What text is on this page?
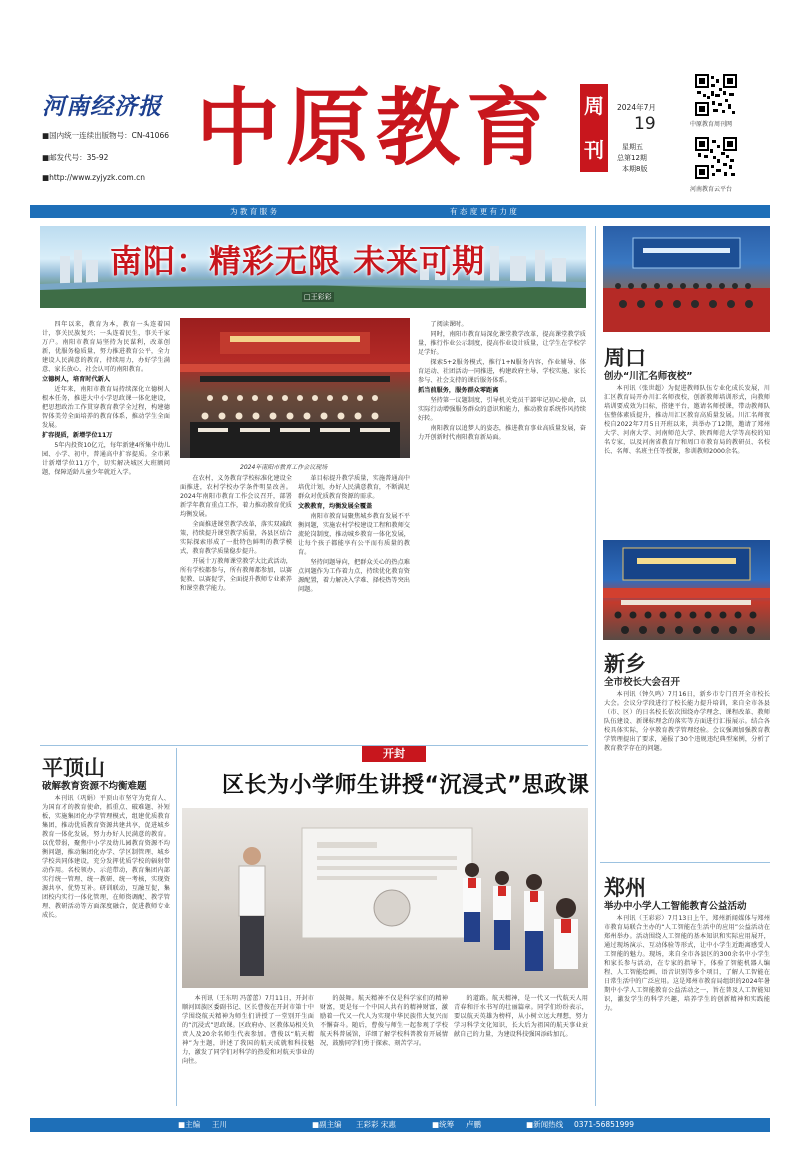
河南经济报
■国内统一连续出版物号：CN-41066
■邮发代号：35-92
■http://www.zyjyzk.com.cn
中原教育 周刊
2024年7月
19
星期五
总第12期
本期8版
中原教育周刊网
河南教育云平台
为 教 育 服 务	有 态 度 更 有 力 度
南阳：精彩无限 未来可期
□王彩彩

四年以来，教育为本，教育一头连着国计，事关民族复兴；一头连着民生，事关千家万户。南阳市教育局坚持为民谋利，改革创新，优服务稳质量，努力推进教育公平，全力建设人民满意的教育，持续用力，办好学生满意、家长放心、社会认可的南阳教育。

立德树人，培育时代新人

近年来，南阳市教育局持续深化立德树人根本任务，推进大中小学思政课一体化建设，把思想政治工作贯穿教育教学全过程，构建德智体美劳全面培养的教育体系，推动学生全面发展。

扩容提质，新增学位11万

5年内投资10亿元，每年新建4所集中幼儿园、小学、初中，普通高中扩容提质。全市累计新增学位11万个，切实解决城区大班额问题，保障适龄儿童少年就近入学。

2024年南阳市教育工作会议现场

在农村，义务教育学校标准化建设全面推进，农村学校办学条件明显改善。2024年南阳市教育工作会议召开，部署新学年教育重点工作，着力推动教育优质均衡发展。

全面推进课堂教学改革，落实双减政策，持续提升课堂教学质量，各县区结合实际探索形成了一批特色鲜明的教学模式，教育教学质量稳步提升。

开展十万教师课堂教学大比武活动，所有学校都参与，所有教师都参加，以赛促教、以赛促学，全面提升教师专业素养和课堂教学能力。

革目标提升教学质量，实施普通高中培优计划，办好人民满意教育，不断满足群众对优质教育资源的需求。

文教教育，均衡发展全覆盖

南阳市教育局聚焦城乡教育发展不平衡问题，实施农村学校建设工程和教师交流轮岗制度，推动城乡教育一体化发展，让每个孩子都能享有公平而有质量的教育。

坚持问题导向，把群众关心的热点难点问题作为工作着力点，持续优化教育资源配置，着力解决入学难、择校热等突出问题。

了阅读课时。

同时，南阳市教育局深化课堂教学改革，提高课堂教学质量，推行作业公示制度，提高作业设计质量，让学生在学校学足学好。

探索5+2服务模式，推行1+N服务内容，作业辅导、体育运动、社团活动一同推进，构建政府主导、学校实施、家长参与、社会支持的课后服务体系。

抓当前服务，服务群众零距离

坚持第一议题制度，引导机关党员干部牢记初心使命，以实际行动增强服务群众的意识和能力，推动教育系统作风持续好转。

南阳教育以追梦人的姿态，推进教育事业高质量发展，奋力开创新时代南阳教育新局面。

周口
创办“川汇名师夜校”

本刊讯（张世超）为促进教师队伍专业化成长发展，川汇区教育局开办川汇名师夜校，创新教师培训形式，向教师培训要成效为目标，搭建平台，邀请名师授课，带动教师队伍整体素质提升，推动川汇区教育高质量发展。川汇名师夜校自2022年7月5日开班以来，共举办了12期，邀请了郑州大学、河南大学、河南师范大学、陕西师范大学等高校的知名专家，以及河南省教育厅和周口市教育局的教研员、名校长、名师、名班主任等授课，参训教师2000余名。

新乡
全市校长大会召开

本刊讯（钟久鸣）7月16日，新乡市专门召开全市校长大会。会议分学段进行了校长能力提升培训，来自全市各县（市、区）的日名校长依次围绕办学理念、课程改革、教师队伍建设、新课标理念的落实等方面进行汇报展示。结合各校具体实际，分享教育教学管理经验。会议强调加强教育教学管理提出了要求，通报了30个违规违纪典型案例，分析了教育教学存在的问题。

郑州
举办中小学人工智能教育公益活动

本刊讯（王彩彩）7月13日上午，郑州新闻媒体与郑州市教育局联合主办的“人工智能在生活中的应用”公益活动在郑州举办。活动围绕人工智能的基本知识和实际应用展开，通过现场演示、互动体验等形式，让中小学生近距离感受人工智能的魅力。现场，来自全市各县区的300余名中小学生和家长参与活动，在专家的指导下，体验了智能机器人编程、人工智能绘画、语音识别等多个项目，了解人工智能在日常生活中的广泛应用。这是郑州市教育局组织的2024年暑期中小学人工智能教育公益活动之一，旨在普及人工智能知识，激发学生的科学兴趣，培养学生的创新精神和实践能力。

平顶山
破解教育资源不均衡难题

本刊讯（巩娟）平顶山市坚守为党育人、为国育才的教育使命，抓重点、破难题、补短板，实施集团化办学管理模式，组建优质教育集团，推动优质教育资源共建共享，促进城乡教育一体化发展，努力办好人民满意的教育。以优带弱，聚焦中小学及幼儿园教育资源不均衡问题，推动集团化办学、学区制管理、城乡学校共同体建设，充分发挥优质学校的辐射带动作用。名校领办、示范带动，教育集团内部实行统一管理、统一教研、统一考核，实现资源共享、优势互补。研训联动，互融互促，集团校内实行一体化管理，在师资调配、教学管理、教研活动等方面深度融合，促进教师专业成长。

开封
区长为小学师生讲授“沉浸式”思政课

本刊讯（王东明 冯蕾蕾）7月11日，开封市顺河回族区委副书记、区长曹俊在开封市第十中学围绕航天精神为师生们讲授了一堂别开生面的“沉浸式”思政课。区政府办、区教体局相关负责人及20余名师生代表参加。曹俊以“航天精神”为主题，讲述了我国的航天成就和科技魅力，激发了同学们对科学的热爱和对航天事业的向往。

的鼓舞。航天精神不仅是科学家们的精神财富，更是每一个中国人共有的精神财富，激励着一代又一代人为实现中华民族伟大复兴而不懈奋斗。随后，曹俊与师生一起参观了学校航天科普展馆，详细了解学校科普教育开展情况，鼓励同学们勇于探索、刻苦学习。

的道路。航天精神，是一代又一代航天人用青春和汗水书写的壮丽篇章。同学们纷纷表示，要以航天英雄为榜样，从小树立远大理想，努力学习科学文化知识，长大后为祖国的航天事业贡献自己的力量，为建设科技强国添砖加瓦。

■主编 王川	■副主编 王彩彩 宋惠	■统筹 卢鹏	■新闻热线 0371-56851999
